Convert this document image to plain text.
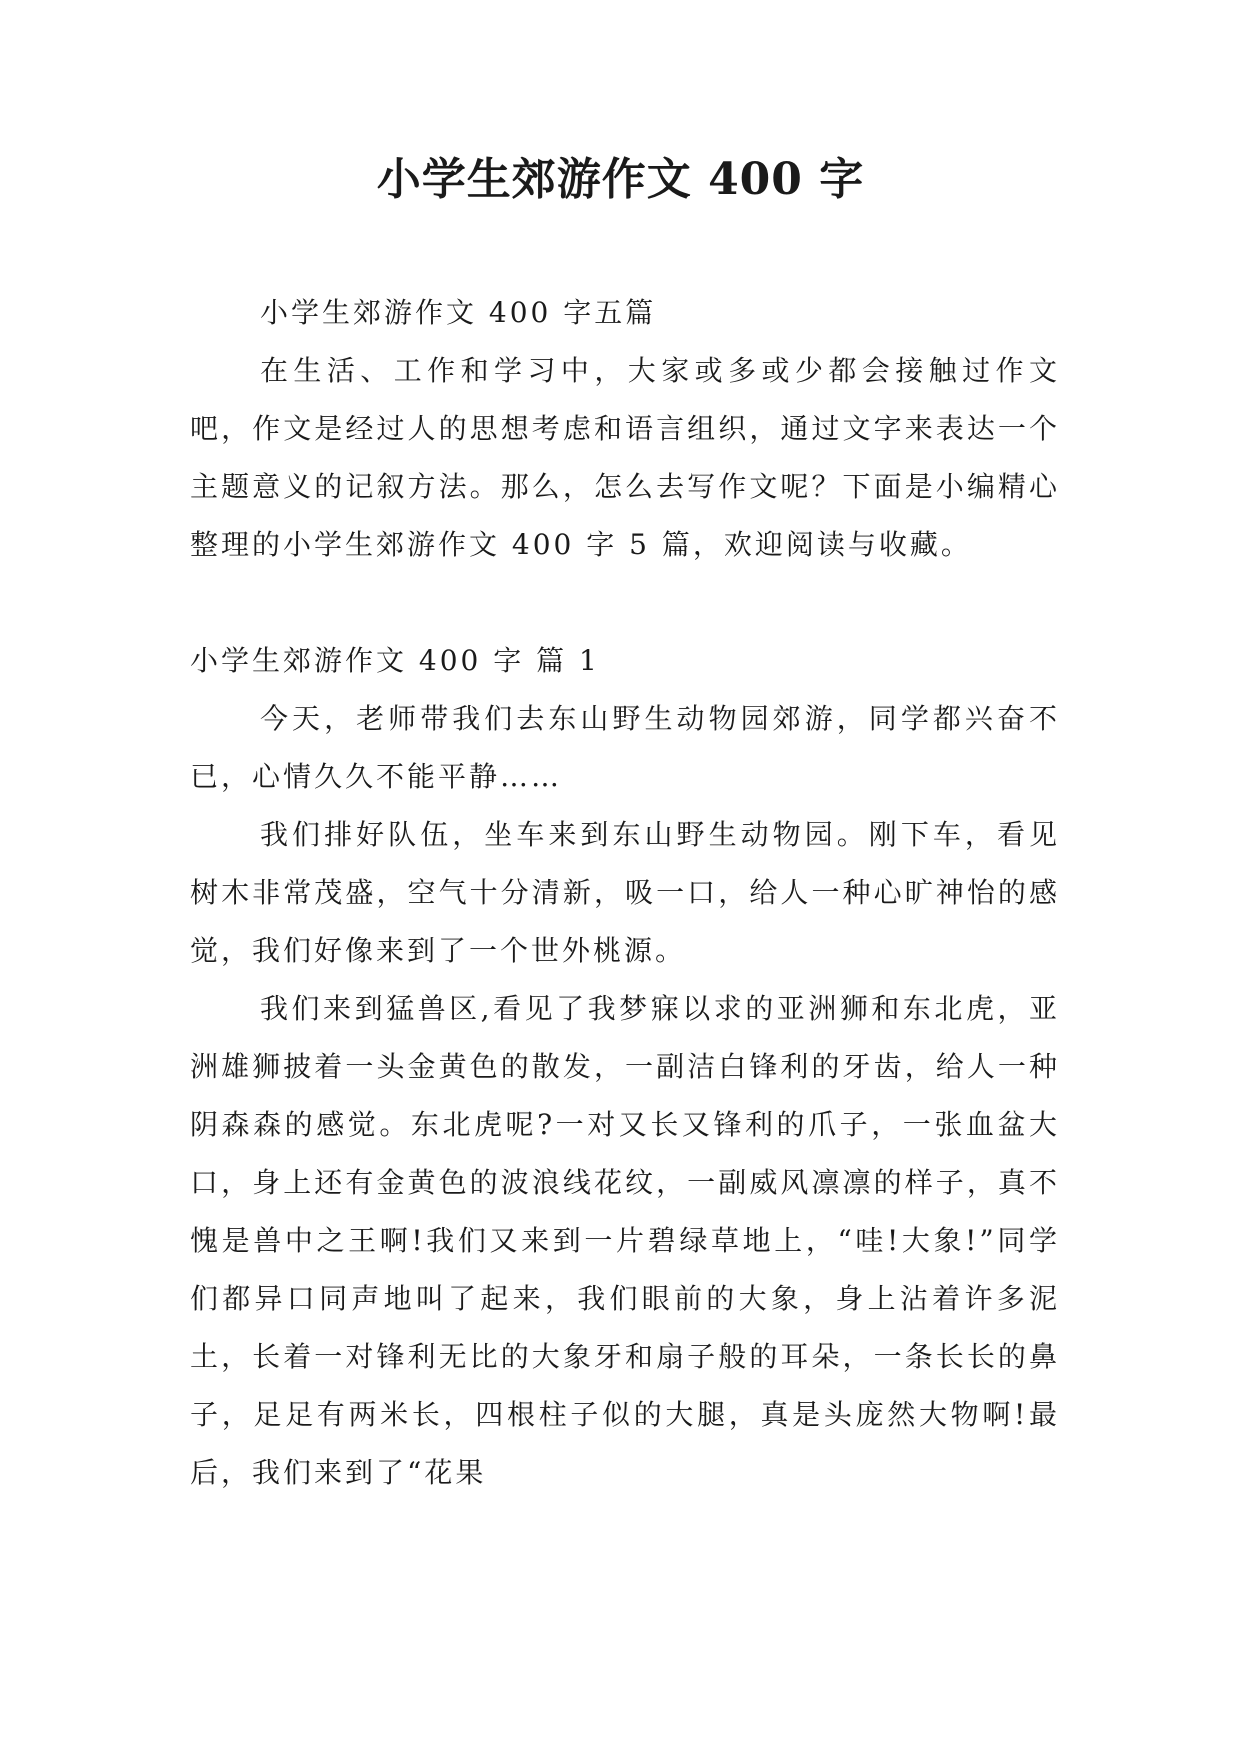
小学生郊游作文 400 字

小学生郊游作文 400 字五篇

在生活、工作和学习中，大家或多或少都会接触过作文吧，作文是经过人的思想考虑和语言组织，通过文字来表达一个主题意义的记叙方法。那么，怎么去写作文呢？下面是小编精心整理的小学生郊游作文 400 字 5 篇，欢迎阅读与收藏。

小学生郊游作文 400 字 篇 1

今天，老师带我们去东山野生动物园郊游，同学都兴奋不已，心情久久不能平静……

我们排好队伍，坐车来到东山野生动物园。刚下车，看见树木非常茂盛，空气十分清新，吸一口，给人一种心旷神怡的感觉，我们好像来到了一个世外桃源。

我们来到猛兽区,看见了我梦寐以求的亚洲狮和东北虎，亚洲雄狮披着一头金黄色的散发，一副洁白锋利的牙齿，给人一种阴森森的感觉。东北虎呢?一对又长又锋利的爪子，一张血盆大口，身上还有金黄色的波浪线花纹，一副威风凛凛的样子，真不愧是兽中之王啊!我们又来到一片碧绿草地上，“哇!大象!”同学们都异口同声地叫了起来，我们眼前的大象，身上沾着许多泥土，长着一对锋利无比的大象牙和扇子般的耳朵，一条长长的鼻子，足足有两米长，四根柱子似的大腿，真是头庞然大物啊!最后，我们来到了“花果
